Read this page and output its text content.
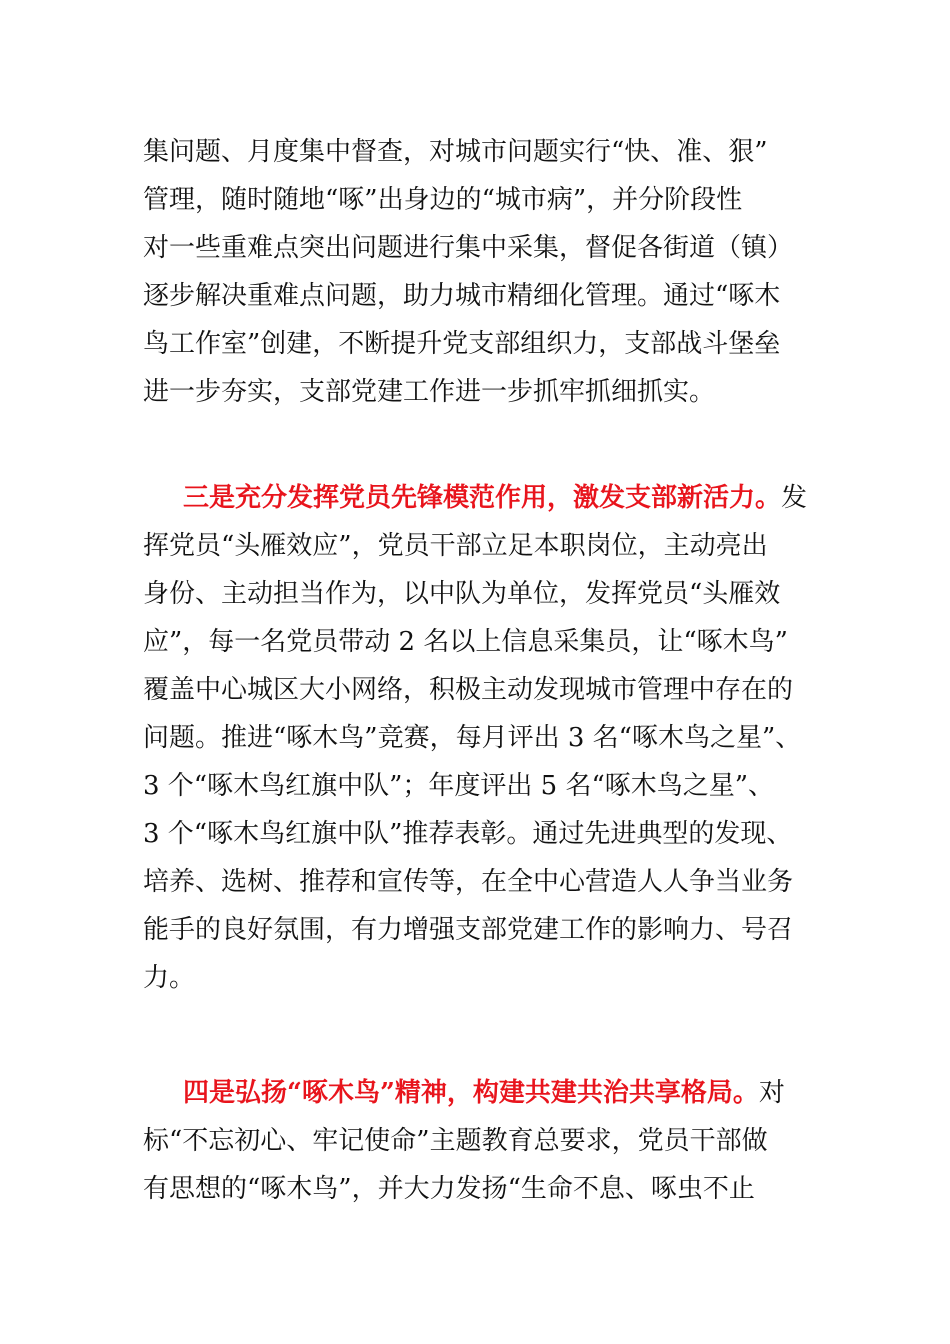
集问题、月度集中督查，对城市问题实行“快、准、狠”
管理，随时随地“啄”出身边的“城市病”，并分阶段性
对一些重难点突出问题进行集中采集，督促各街道（镇）
逐步解决重难点问题，助力城市精细化管理。通过“啄木
鸟工作室”创建，不断提升党支部组织力，支部战斗堡垒
进一步夯实，支部党建工作进一步抓牢抓细抓实。
三是充分发挥党员先锋模范作用，激发支部新活力。发
挥党员“头雁效应”，党员干部立足本职岗位，主动亮出
身份、主动担当作为，以中队为单位，发挥党员“头雁效
应”，每一名党员带动 2 名以上信息采集员，让“啄木鸟”
覆盖中心城区大小网络，积极主动发现城市管理中存在的
问题。推进“啄木鸟”竞赛，每月评出 3 名“啄木鸟之星”、
3 个“啄木鸟红旗中队”；年度评出 5 名“啄木鸟之星”、
3 个“啄木鸟红旗中队”推荐表彰。通过先进典型的发现、
培养、选树、推荐和宣传等，在全中心营造人人争当业务
能手的良好氛围，有力增强支部党建工作的影响力、号召
力。
四是弘扬“啄木鸟”精神，构建共建共治共享格局。对
标“不忘初心、牢记使命”主题教育总要求，党员干部做
有思想的“啄木鸟”，并大力发扬“生命不息、啄虫不止
